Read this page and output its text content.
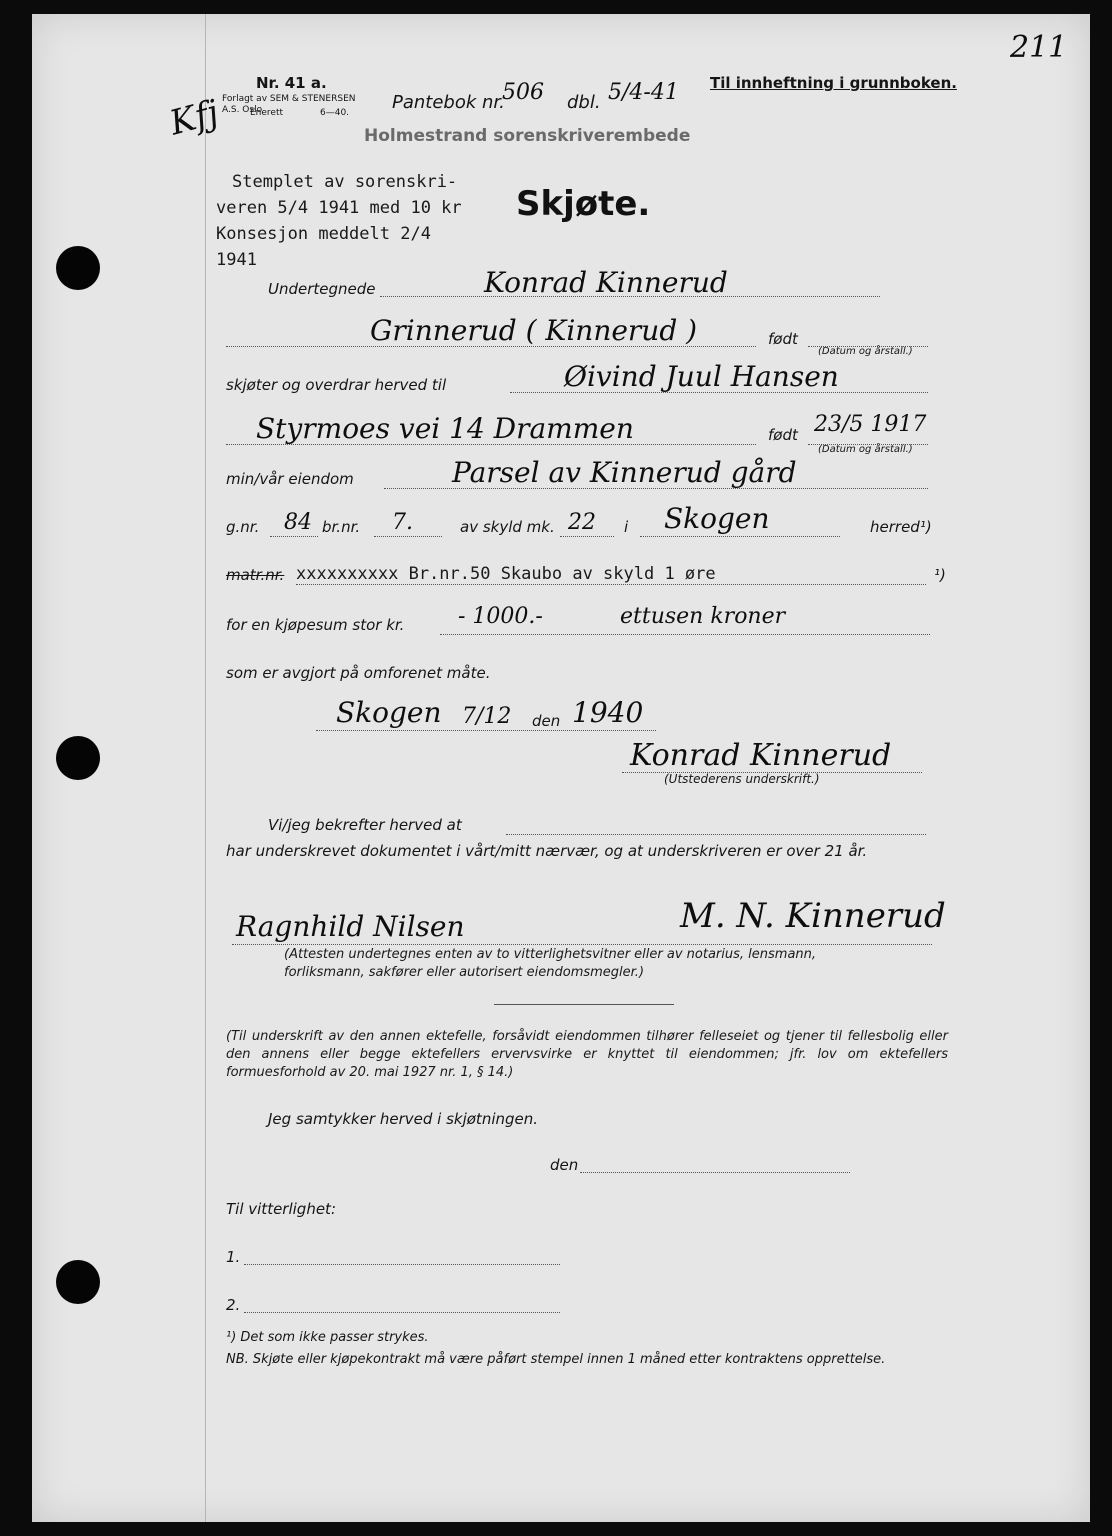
Nr. 41 a.
Forlagt av SEM & STENERSEN A.S. Oslo
Enerett	6—40. Pantebok nr.
506 dbl. 5/4-41 Til innheftning i grunnboken.
211
Holmestrand sorenskriverembede
Kfj
Stemplet av sorenskri-
veren 5/4 1941 med 10 kr
Konsesjon meddelt 2/4
1941
Skjøte.
Undertegnede	Konrad Kinnerud
Grinnerud ( Kinnerud )	født
(Datum og årstall.)
skjøter og overdrar herved til	Øivind Juul Hansen
Styrmoes vei 14 Drammen	født 23/5 1917
(Datum og årstall.)
min/vår eiendom	Parsel av Kinnerud gård
g.nr. 84 br.nr. 7.	av skyld mk. 22 i Skogen	herred¹)
matr.nr. xxxxxxxxxx Br.nr.50 Skaubo av skyld 1 øre	¹)
for en kjøpesum stor kr. - 1000.-	ettusen kroner
som er avgjort på omforenet måte.
Skogen 7/12 den 1940
Konrad Kinnerud
(Utstederens underskrift.)
Vi/jeg bekrefter herved at
har underskrevet dokumentet i vårt/mitt nærvær, og at underskriveren er over 21 år.
Ragnhild Nilsen	M. N. Kinnerud
(Attesten undertegnes enten av to vitterlighetsvitner eller av notarius, lensmann, forliksmann, sakfører eller autorisert eiendomsmegler.)
(Til underskrift av den annen ektefelle, forsåvidt eiendommen tilhører felleseiet og tjener til fellesbolig eller den annens eller begge ektefellers ervervsvirke er knyttet til eiendommen; jfr. lov om ektefellers formuesforhold av 20. mai 1927 nr. 1, § 14.)
Jeg samtykker herved i skjøtningen.
den
Til vitterlighet:
1.
2.
¹) Det som ikke passer strykes.
NB. Skjøte eller kjøpekontrakt må være påført stempel innen 1 måned etter kontraktens opprettelse.
